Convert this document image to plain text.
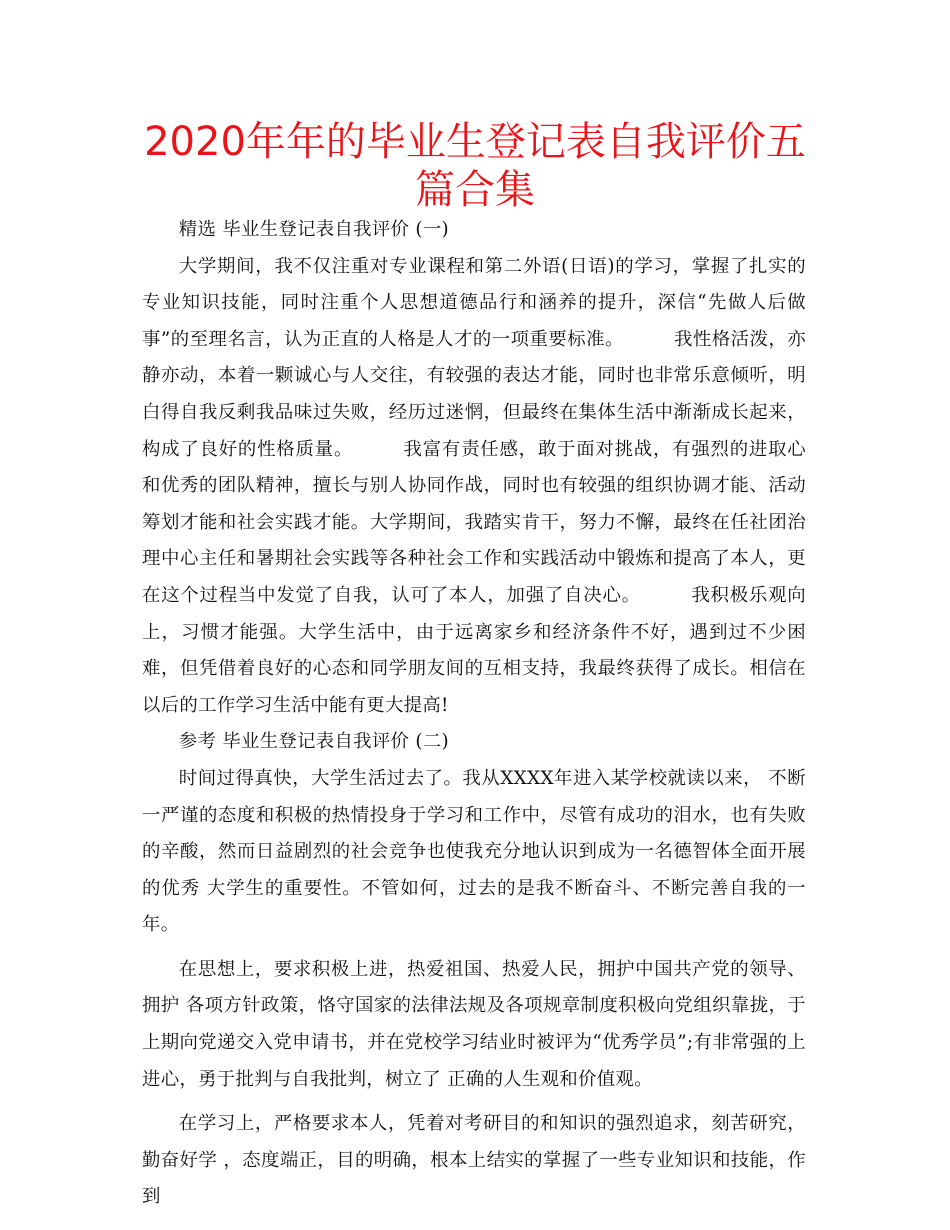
2020年年的毕业生登记表自我评价五篇合集

精选 毕业生登记表自我评价 (一)

大学期间，我不仅注重对专业课程和第二外语(日语)的学习，掌握了扎实的专业知识技能，同时注重个人思想道德品行和涵养的提升，深信“先做人后做事”的至理名言，认为正直的人格是人才的一项重要标准。	我性格活泼，亦静亦动，本着一颗诚心与人交往，有较强的表达才能，同时也非常乐意倾听，明白得自我反剩我品味过失败，经历过迷惘，但最终在集体生活中渐渐成长起来，构成了良好的性格质量。	我富有责任感，敢于面对挑战，有强烈的进取心和优秀的团队精神，擅长与别人协同作战，同时也有较强的组织协调才能、活动筹划才能和社会实践才能。大学期间，我踏实肯干，努力不懈，最终在任社团治理中心主任和暑期社会实践等各种社会工作和实践活动中锻炼和提高了本人，更在这个过程当中发觉了自我，认可了本人，加强了自决心。	我积极乐观向上，习惯才能强。大学生活中，由于远离家乡和经济条件不好，遇到过不少困难，但凭借着良好的心态和同学朋友间的互相支持，我最终获得了成长。相信在以后的工作学习生活中能有更大提高!

参考 毕业生登记表自我评价 (二)

时间过得真快，大学生活过去了。我从XXXX年进入某学校就读以来， 不断一严谨的态度和积极的热情投身于学习和工作中，尽管有成功的泪水，也有失败的辛酸，然而日益剧烈的社会竞争也使我充分地认识到成为一名德智体全面开展的优秀 大学生的重要性。不管如何，过去的是我不断奋斗、不断完善自我的一年。

在思想上，要求积极上进，热爱祖国、热爱人民，拥护中国共产党的领导、拥护 各项方针政策，恪守国家的法律法规及各项规章制度积极向党组织靠拢，于上期向党递交入党申请书，并在党校学习结业时被评为“优秀学员”;有非常强的上进心，勇于批判与自我批判，树立了 正确的人生观和价值观。

在学习上，严格要求本人，凭着对考研目的和知识的强烈追求，刻苦研究，勤奋好学 ，态度端正，目的明确，根本上结实的掌握了一些专业知识和技能，作到
